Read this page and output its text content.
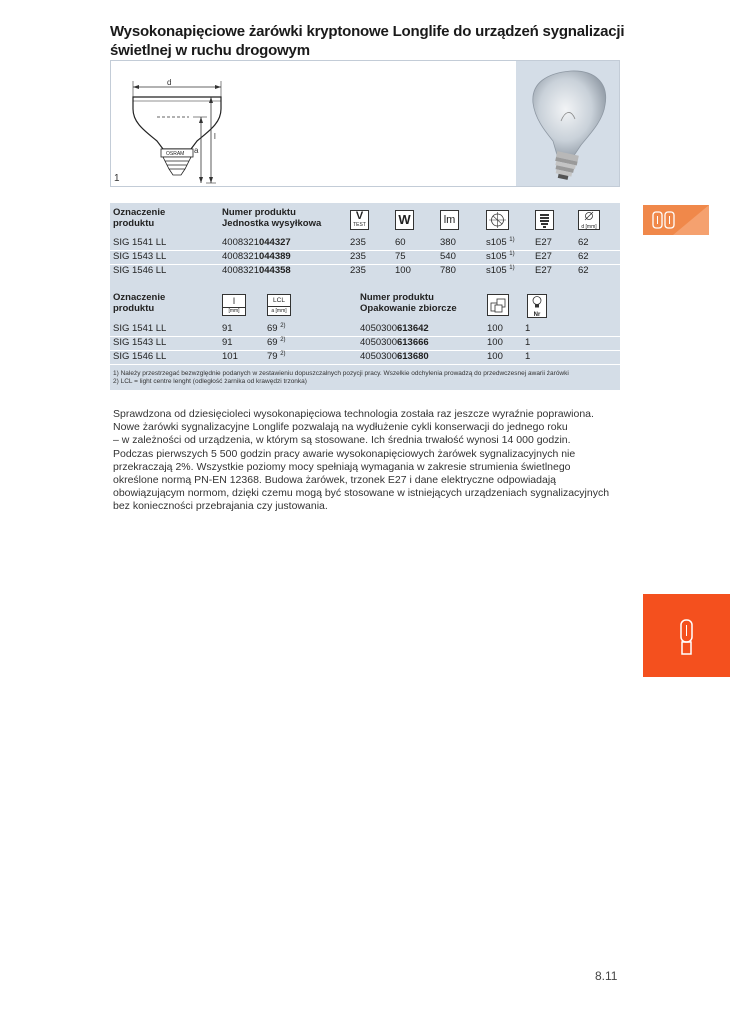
Wysokonapięciowe żarówki kryptonowe Longlife do urządzeń sygnalizacji świetlnej w ruchu drogowym
d
OSRAM
l
a
1
Oznaczenie
produktu
Numer produktu
Jednostka wysyłkowa
V
TEST W	lm
d [mm]
SIG 1541 LL	4008321044327	235	60	380	s105 $^{1)}$ E27	62
SIG 1543 LL	4008321044389	235	75	540	s105 $^{1)}$ E27	62
SIG 1546 LL	4008321044358	235	100	780	s105 $^{1)}$ E27	62
Oznaczenie
produktu
l
[mm]
LCL
a [mm]
Numer produktu
Opakowanie zbiorcze
Nr
SIG 1541 LL	91	69 $^{2)}$	4050300613642	100 1
SIG 1543 LL	91	69 $^{2)}$	4050300613666	100 1
SIG 1546 LL	101	79 $^{2)}$	4050300613680	100 1
1) Należy przestrzegać bezwzględnie podanych w zestawieniu dopuszczalnych pozycji pracy. Wszelkie odchylenia prowadzą do przedwczesnej awarii żarówki
2) LCL = light centre lenght (odległość żarnika od krawędzi trzonka)

Sprawdzona od dziesięcioleci wysokonapięciowa technologia została raz jeszcze wyraźnie poprawiona.

Nowe żarówki sygnalizacyjne Longlife pozwalają na wydłużenie cykli konserwacji do jednego roku

– w zależności od urządzenia, w którym są stosowane. Ich średnia trwałość wynosi 14 000 godzin.

Podczas pierwszych 5 500 godzin pracy awarie wysokonapięciowych żarówek sygnalizacyjnych nie

przekraczają 2%. Wszystkie poziomy mocy spełniają wymagania w zakresie strumienia świetlnego

określone normą PN-EN 12368. Budowa żarówek, trzonek E27 i dane elektryczne odpowiadają

obowiązującym normom, dzięki czemu mogą być stosowane w istniejących urządzeniach sygnalizacyjnych

bez konieczności przebrajania czy justowania.

8.11
